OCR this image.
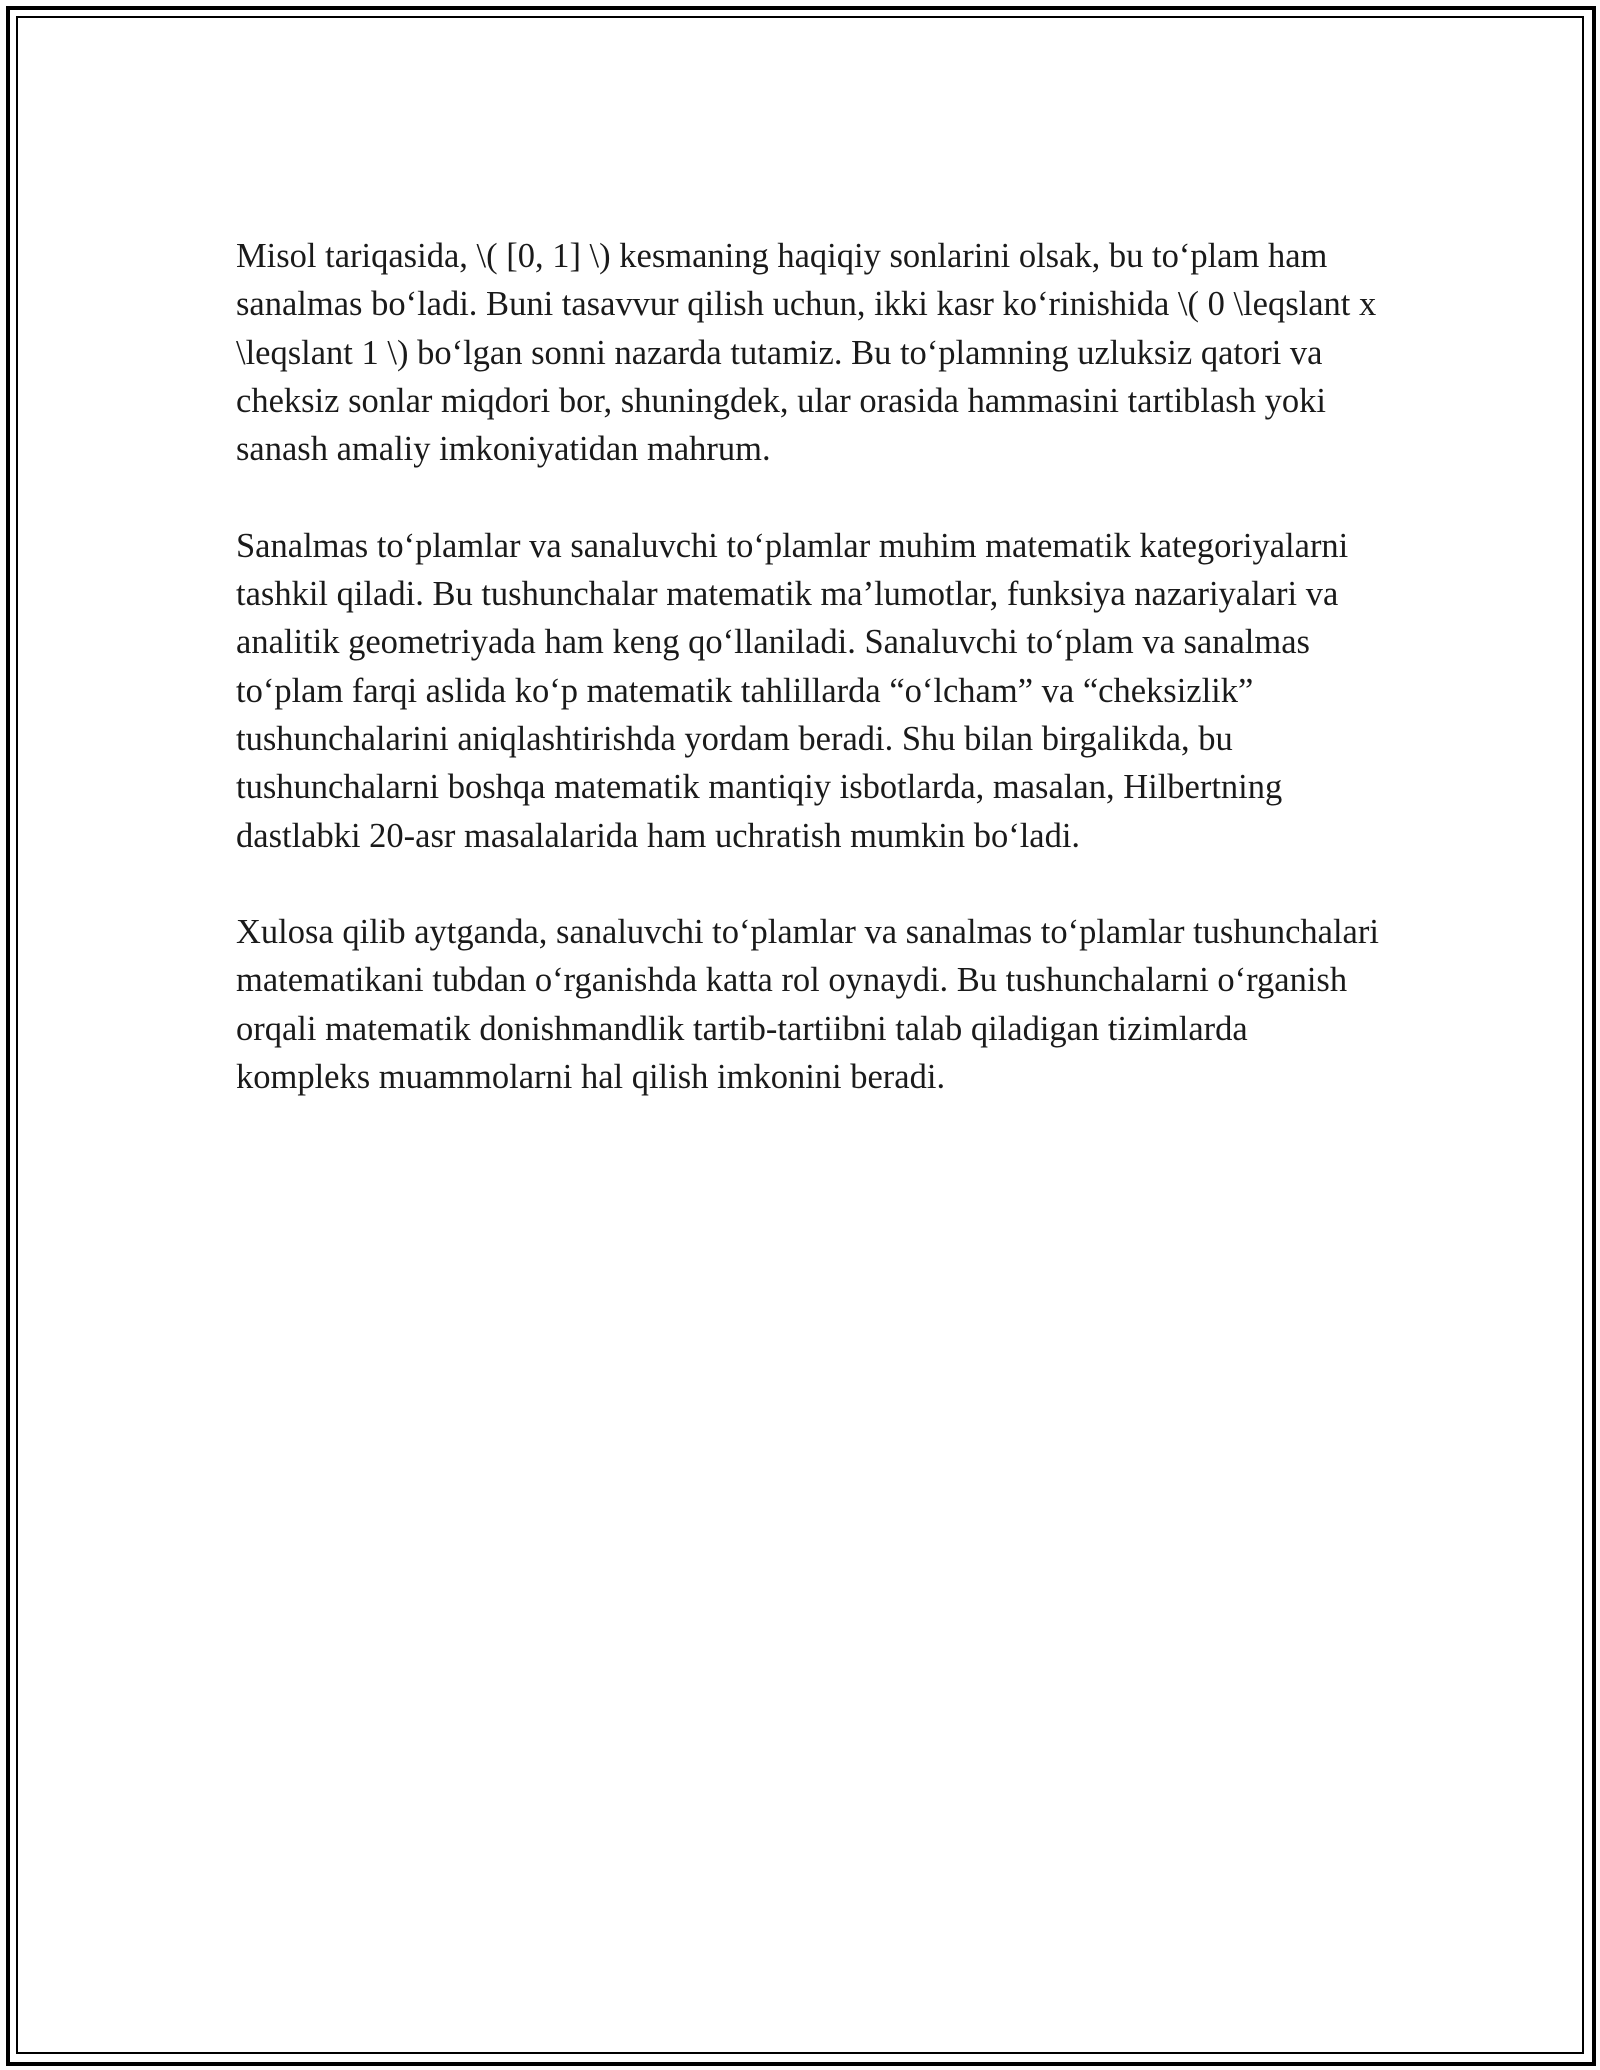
Misol tariqasida, \( [0, 1] \) kesmaning haqiqiy sonlarini olsak, bu to‘plam ham sanalmas bo‘ladi. Buni tasavvur qilish uchun, ikki kasr ko‘rinishida \( 0 \leqslant x \leqslant 1 \) bo‘lgan sonni nazarda tutamiz. Bu to‘plamning uzluksiz qatori va cheksiz sonlar miqdori bor, shuningdek, ular orasida hammasini tartiblash yoki sanash amaliy imkoniyatidan mahrum.

Sanalmas to‘plamlar va sanaluvchi to‘plamlar muhim matematik kategoriyalarni tashkil qiladi. Bu tushunchalar matematik ma’lumotlar, funksiya nazariyalari va analitik geometriyada ham keng qo‘llaniladi. Sanaluvchi to‘plam va sanalmas to‘plam farqi aslida ko‘p matematik tahlillarda “o‘lcham” va “cheksizlik” tushunchalarini aniqlashtirishda yordam beradi. Shu bilan birgalikda, bu tushunchalarni boshqa matematik mantiqiy isbotlarda, masalan, Hilbertning dastlabki 20-asr masalalarida ham uchratish mumkin bo‘ladi.

Xulosa qilib aytganda, sanaluvchi to‘plamlar va sanalmas to‘plamlar tushunchalari matematikani tubdan o‘rganishda katta rol oynaydi. Bu tushunchalarni o‘rganish orqali matematik donishmandlik tartib-tartiibni talab qiladigan tizimlarda kompleks muammolarni hal qilish imkonini beradi.
